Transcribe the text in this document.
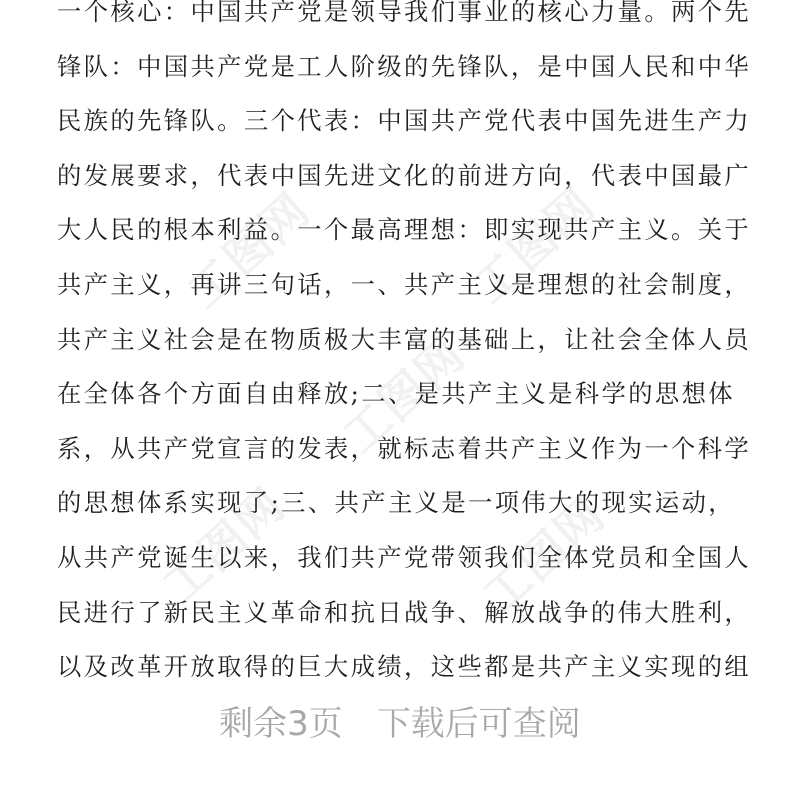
工图网	工图网
工图网
工图网	工图网
一个核心：中国共产党是领导我们事业的核心力量。两个先
锋队：中国共产党是工人阶级的先锋队，是中国人民和中华
民族的先锋队。三个代表：中国共产党代表中国先进生产力
的发展要求，代表中国先进文化的前进方向，代表中国最广
大人民的根本利益。一个最高理想：即实现共产主义。关于
共产主义，再讲三句话，一、共产主义是理想的社会制度，
共产主义社会是在物质极大丰富的基础上，让社会全体人员
在全体各个方面自由释放;二、是共产主义是科学的思想体
系，从共产党宣言的发表，就标志着共产主义作为一个科学
的思想体系实现了;三、共产主义是一项伟大的现实运动，
从共产党诞生以来，我们共产党带领我们全体党员和全国人
民进行了新民主义革命和抗日战争、解放战争的伟大胜利，
以及改革开放取得的巨大成绩，这些都是共产主义实现的组
剩余3页 下载后可查阅
